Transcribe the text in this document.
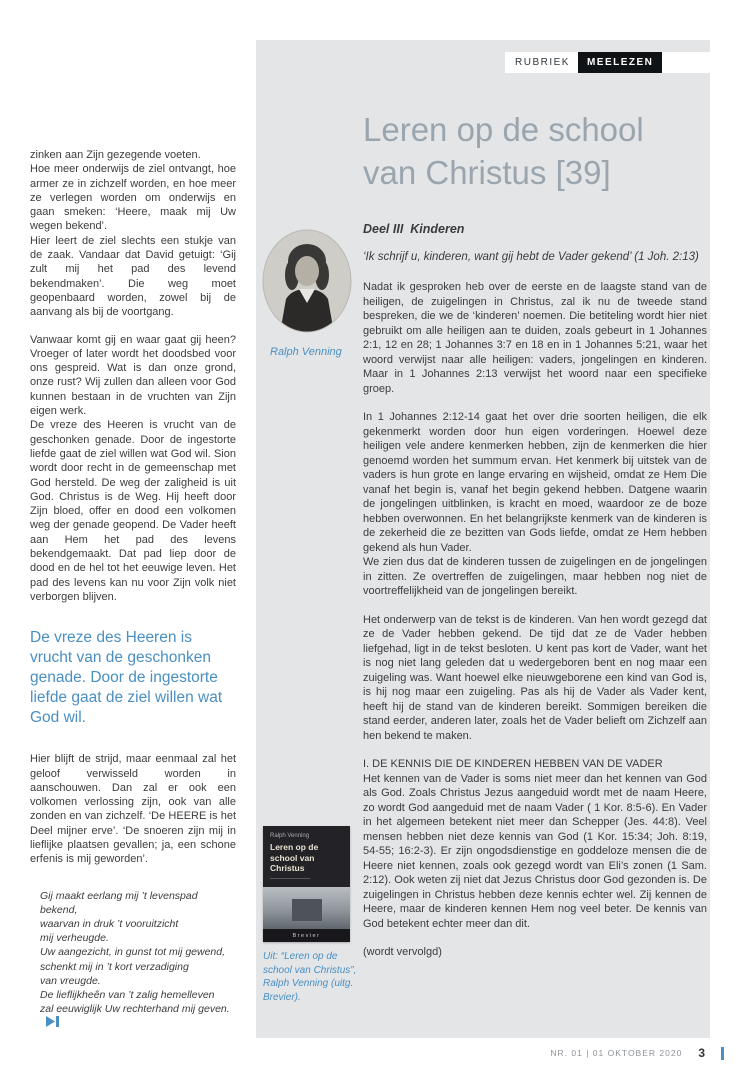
RUBRIEK	MEELEZEN
Leren op de school
van Christus [39]
Ralph Venning
Deel III  Kinderen
‘Ik schrijf u, kinderen, want gij hebt de Vader gekend’ (1 Joh. 2:13)

Nadat ik gesproken heb over de eerste en de laagste stand van de heiligen, de zuigelingen in Christus, zal ik nu de tweede stand bespreken, die we de ‘kinderen’ noemen. Die betiteling wordt hier niet gebruikt om alle heiligen aan te duiden, zoals gebeurt in 1 Johannes 2:1, 12 en 28; 1 Johannes 3:7 en 18 en in 1 Johannes 5:21, waar het woord verwijst naar alle heiligen: vaders, jongelingen en kinderen. Maar in 1 Johannes 2:13 verwijst het woord naar een specifieke groep.

In 1 Johannes 2:12-14 gaat het over drie soorten heiligen, die elk gekenmerkt worden door hun eigen vorderingen. Hoewel deze heiligen vele andere kenmerken hebben, zijn de kenmerken die hier genoemd worden het summum ervan. Het kenmerk bij uitstek van de vaders is hun grote en lange ervaring en wijsheid, omdat ze Hem Die vanaf het begin is, vanaf het begin gekend hebben. Datgene waarin de jongelingen uitblinken, is kracht en moed, waardoor ze de boze hebben overwonnen. En het belangrijkste kenmerk van de kinderen is de zekerheid die ze bezitten van Gods liefde, omdat ze Hem hebben gekend als hun Vader.

We zien dus dat de kinderen tussen de zuigelingen en de jongelingen in zitten. Ze overtreffen de zuigelingen, maar hebben nog niet de voortreffelijkheid van de jongelingen bereikt.

Het onderwerp van de tekst is de kinderen. Van hen wordt gezegd dat ze de Vader hebben gekend. De tijd dat ze de Vader hebben liefgehad, ligt in de tekst besloten. U kent pas kort de Vader, want het is nog niet lang geleden dat u wedergeboren bent en nog maar een zuigeling was. Want hoewel elke nieuwgeborene een kind van God is, is hij nog maar een zuigeling. Pas als hij de Vader als Vader kent, heeft hij de stand van de kinderen bereikt. Sommigen bereiken die stand eerder, anderen later, zoals het de Vader belieft om Zichzelf aan hen bekend te maken.

I. DE KENNIS DIE DE KINDEREN HEBBEN VAN DE VADER

Het kennen van de Vader is soms niet meer dan het kennen van God als God. Zoals Christus Jezus aangeduid wordt met de naam Heere, zo wordt God aangeduid met de naam Vader ( 1 Kor. 8:5-6). En Vader in het algemeen betekent niet meer dan Schepper (Jes. 44:8). Veel mensen hebben niet deze kennis van God (1 Kor. 15:34; Joh. 8:19, 54-55; 16:2-3). Er zijn ongodsdienstige en goddeloze mensen die de Heere niet kennen, zoals ook gezegd wordt van Eli’s zonen (1 Sam. 2:12). Ook weten zij niet dat Jezus Christus door God gezonden is. De zuigelingen in Christus hebben deze kennis echter wel. Zij kennen de Heere, maar de kinderen kennen Hem nog veel beter. De kennis van God betekent echter meer dan dit.

(wordt vervolgd)

Ralph Venning
Leren op de school van Christus
Brevier
Uit: “Leren op de school van Christus”, Ralph Venning (uitg. Brevier).

zinken aan Zijn gezegende voeten.

Hoe meer onderwijs de ziel ontvangt, hoe armer ze in zichzelf worden, en hoe meer ze verlegen worden om onderwijs en gaan smeken: ‘Heere, maak mij Uw wegen bekend’.

Hier leert de ziel slechts een stukje van de zaak. Vandaar dat David getuigt: ‘Gij zult mij het pad des levend bekendmaken’. Die weg moet geopenbaard worden, zowel bij de aanvang als bij de voortgang.

Vanwaar komt gij en waar gaat gij heen? Vroeger of later wordt het doodsbed voor ons gespreid. Wat is dan onze grond, onze rust? Wij zullen dan alleen voor God kunnen bestaan in de vruchten van Zijn eigen werk.

De vreze des Heeren is vrucht van de geschonken genade. Door de ingestorte liefde gaat de ziel willen wat God wil. Sion wordt door recht in de gemeenschap met God hersteld. De weg der zaligheid is uit God. Christus is de Weg. Hij heeft door Zijn bloed, offer en dood een volkomen weg der genade geopend. De Vader heeft aan Hem het pad des levens bekendgemaakt. Dat pad liep door de dood en de hel tot het eeuwige leven. Het pad des levens kan nu voor Zijn volk niet verborgen blijven.

De vreze des Heeren is vrucht van de geschonken genade. Door de ingestorte liefde gaat de ziel willen wat God wil.

Hier blijft de strijd, maar eenmaal zal het geloof verwisseld worden in aanschouwen. Dan zal er ook een volkomen verlossing zijn, ook van alle zonden en van zichzelf. ‘De HEERE is het Deel mijner erve’. ‘De snoeren zijn mij in lieflijke plaatsen gevallen; ja, een schone erfenis is mij geworden’.

Gij maakt eerlang mij ’t levenspad bekend,
waarvan in druk ’t vooruitzicht
mij verheugde.
Uw aangezicht, in gunst tot mij gewend,
schenkt mij in ’t kort verzadiging
van vreugde.
De lieflijkheên van ’t zalig hemelleven
zal eeuwiglijk Uw rechterhand mij geven.
NR. 01 | 01 OKTOBER 2020 3
